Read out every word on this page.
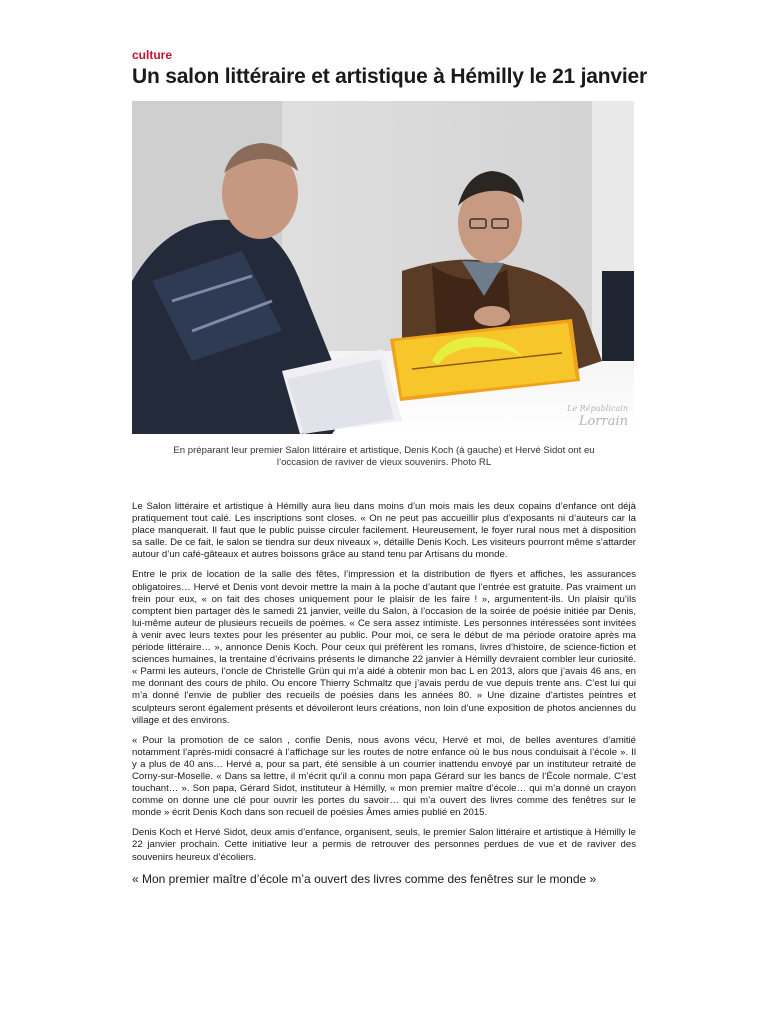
culture
Un salon littéraire et artistique à Hémilly le 21 janvier
Le Républicain
Lorrain
En préparant leur premier Salon littéraire et artistique, Denis Koch (à gauche) et Hervé Sidot ont eu l’occasion de raviver de vieux souvenirs. Photo RL

Le Salon littéraire et artistique à Hémilly aura lieu dans moins d’un mois mais les deux copains d’enfance ont déjà pratiquement tout calé. Les inscriptions sont closes. « On ne peut pas accueillir plus d’exposants ni d’auteurs car la place manquerait. Il faut que le public puisse circuler facilement. Heureusement, le foyer rural nous met à disposition sa salle. De ce fait, le salon se tiendra sur deux niveaux », détaille Denis Koch. Les visiteurs pourront même s’attarder autour d’un café-gâteaux et autres boissons grâce au stand tenu par Artisans du monde.

Entre le prix de location de la salle des fêtes, l’impression et la distribution de flyers et affiches, les assurances obligatoires… Hervé et Denis vont devoir mettre la main à la poche d’autant que l’entrée est gratuite. Pas vraiment un frein pour eux, « on fait des choses uniquement pour le plaisir de les faire ! », argumentent-ils. Un plaisir qu’ils comptent bien partager dès le samedi 21 janvier, veille du Salon, à l’occasion de la soirée de poésie initiée par Denis, lui-même auteur de plusieurs recueils de poèmes. « Ce sera assez intimiste. Les personnes intéressées sont invitées à venir avec leurs textes pour les présenter au public. Pour moi, ce sera le début de ma période oratoire après ma période littéraire… », annonce Denis Koch. Pour ceux qui préfèrent les romans, livres d’histoire, de science-fiction et sciences humaines, la trentaine d’écrivains présents le dimanche 22 janvier à Hémilly devraient combler leur curiosité. « Parmi les auteurs, l’oncle de Christelle Grün qui m’a aidé à obtenir mon bac L en 2013, alors que j’avais 46 ans, en me donnant des cours de philo. Ou encore Thierry Schmaltz que j’avais perdu de vue depuis trente ans. C’est lui qui m’a donné l’envie de publier des recueils de poésies dans les années 80. » Une dizaine d’artistes peintres et sculpteurs seront également présents et dévoileront leurs créations, non loin d’une exposition de photos anciennes du village et des environs.

« Pour la promotion de ce salon , confie Denis, nous avons vécu, Hervé et moi, de belles aventures d’amitié notamment l’après-midi consacré à l’affichage sur les routes de notre enfance où le bus nous conduisait à l’école ». Il y a plus de 40 ans… Hervé a, pour sa part, été sensible à un courrier inattendu envoyé par un instituteur retraité de Corny-sur-Moselle. « Dans sa lettre, il m’écrit qu’il a connu mon papa Gérard sur les bancs de l’École normale. C’est touchant… ». Son papa, Gérard Sidot, instituteur à Hémilly, « mon premier maître d’école… qui m’a donné un crayon comme on donne une clé pour ouvrir les portes du savoir… qui m’a ouvert des livres comme des fenêtres sur le monde » écrit Denis Koch dans son recueil de poésies Âmes amies publié en 2015.

Denis Koch et Hervé Sidot, deux amis d’enfance, organisent, seuls, le premier Salon littéraire et artistique à Hémilly le 22 janvier prochain. Cette initiative leur a permis de retrouver des personnes perdues de vue et de raviver des souvenirs heureux d’écoliers.

« Mon premier maître d’école m’a ouvert des livres comme des fenêtres sur le monde »
